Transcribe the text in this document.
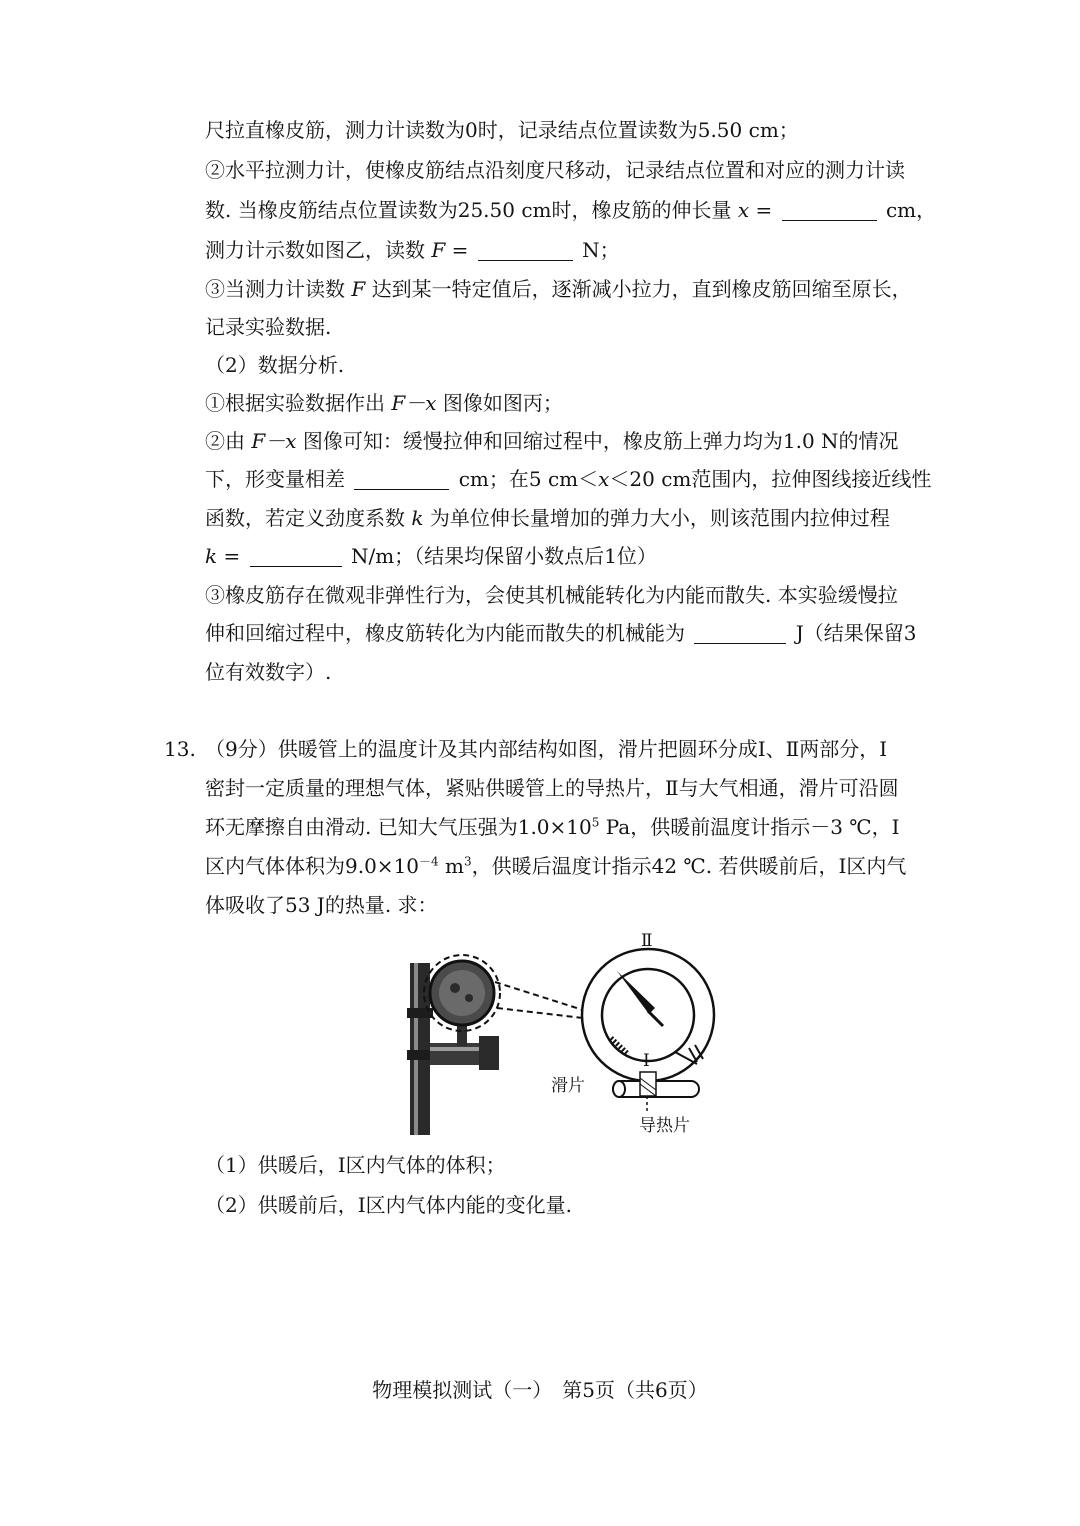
尺拉直橡皮筋，测力计读数为0时，记录结点位置读数为5.50 cm；
②水平拉测力计，使橡皮筋结点沿刻度尺移动，记录结点位置和对应的测力计读
数. 当橡皮筋结点位置读数为25.50 cm时，橡皮筋的伸长量 x =	cm，
测力计示数如图乙，读数 F =	N；
③当测力计读数 F 达到某一特定值后，逐渐减小拉力，直到橡皮筋回缩至原长，
记录实验数据.
（2）数据分析.
①根据实验数据作出 F－x 图像如图丙；
②由 F－x 图像可知：缓慢拉伸和回缩过程中，橡皮筋上弹力均为1.0 N的情况
下，形变量相差	cm；在5 cm＜x＜20 cm范围内，拉伸图线接近线性
函数，若定义劲度系数 k 为单位伸长量增加的弹力大小，则该范围内拉伸过程
k =	N/m；（结果均保留小数点后1位）
③橡皮筋存在微观非弹性行为，会使其机械能转化为内能而散失. 本实验缓慢拉
伸和回缩过程中，橡皮筋转化为内能而散失的机械能为	J（结果保留3
位有效数字）.
13. （9分）供暖管上的温度计及其内部结构如图，滑片把圆环分成Ⅰ、Ⅱ两部分，Ⅰ
密封一定质量的理想气体，紧贴供暖管上的导热片，Ⅱ与大气相通，滑片可沿圆
环无摩擦自由滑动. 已知大气压强为$1.0\times 10^5$ Pa，供暖前温度计指示－3 ℃，Ⅰ
区内气体体积为$9.0\times 10^{-4}$ $m^3$，供暖后温度计指示42 ℃. 若供暖前后，Ⅰ区内气
体吸收了53 J的热量. 求：
Ⅱ
Ⅰ
滑片
导热片
（1）供暖后，Ⅰ区内气体的体积；
（2）供暖前后，Ⅰ区内气体内能的变化量.
物理模拟测试（一）　第5页（共6页）
